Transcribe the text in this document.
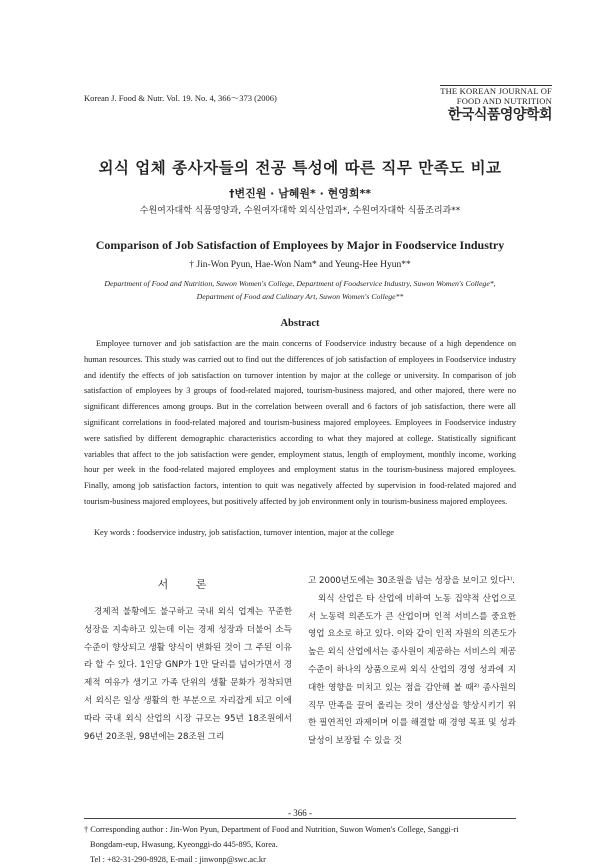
Korean J. Food & Nutr. Vol. 19. No. 4, 366～373 (2006)
THE KOREAN JOURNAL OF
FOOD AND NUTRITION
한국식품영양학회
외식 업체 종사자들의 전공 특성에 따른 직무 만족도 비교
†변진원 · 남혜원* · 현영희**
수원여자대학 식품영양과, 수원여자대학 외식산업과*, 수원여자대학 식품조리과**
Comparison of Job Satisfaction of Employees by Major in Foodservice Industry
† Jin-Won Pyun, Hae-Won Nam* and Yeung-Hee Hyun**
Department of Food and Nutrition, Suwon Women's College, Department of Foodservice Industry, Suwon Women's College*,
Department of Food and Culinary Art, Suwon Women's College**
Abstract
Employee turnover and job satisfaction are the main concerns of Foodservice industry because of a high dependence on human resources. This study was carried out to find out the differences of job satisfaction of employees in Foodservice industry and identify the effects of job satisfaction on turnover intention by major at the college or university. In comparison of job satisfaction of employees by 3 groups of food-related majored, tourism-business majored, and other majored, there were no significant differences among groups. But in the correlation between overall and 6 factors of job satisfaction, there were all significant correlations in food-related majored and tourism-business majored employees. Employees in Foodservice industry were satisfied by different demographic characteristics according to what they majored at college. Statistically significant variables that affect to the job satisfaction were gender, employment status, length of employment, monthly income, working hour per week in the food-related majored employees and employment status in the tourism-business majored employees. Finally, among job satisfaction factors, intention to quit was negatively affected by supervision in food-related majored and tourism-business majored employees, but positively affected by job environment only in tourism-business majored employees.
Key words : foodservice industry, job satisfaction, turnover intention, major at the college
서 론
경제적 불황에도 불구하고 국내 외식 업계는 꾸준한 성장을 지속하고 있는데 이는 경제 성장과 더불어 소득 수준이 향상되고 생활 양식이 변화된 것이 그 주된 이유라 할 수 있다. 1인당 GNP가 1만 달러를 넘어가면서 경제적 여유가 생기고 가족 단위의 생활 문화가 정착되면서 외식은 일상 생활의 한 부분으로 자리잡게 되고 이에 따라 국내 외식 산업의 시장 규모는 95년 18조원에서 96년 20조원, 98년에는 28조원 그리

고 2000년도에는 30조원을 넘는 성장을 보이고 있다¹⁾.

외식 산업은 타 산업에 비하여 노동 집약적 산업으로서 노동력 의존도가 큰 산업이며 인적 서비스를 중요한 영업 요소로 하고 있다. 이와 같이 인적 자원의 의존도가 높은 외식 산업에서는 종사원이 제공하는 서비스의 제공 수준이 하나의 상품으로써 외식 산업의 경영 성과에 지대한 영향을 미치고 있는 점을 감안해 볼 때²⁾ 종사원의 직무 만족을 끌어 올리는 것이 생산성을 향상시키기 위한 필연적인 과제이며 이를 해결할 때 경영 목표 및 성과 달성이 보장될 수 있을 것

† Corresponding author : Jin-Won Pyun, Department of Food and Nutrition, Suwon Women's College, Sanggi-ri
Bongdam-eup, Hwasung, Kyeonggi-do 445-895, Korea.
Tel : +82-31-290-8928, E-mail : jinwonp@swc.ac.kr
- 366 -
